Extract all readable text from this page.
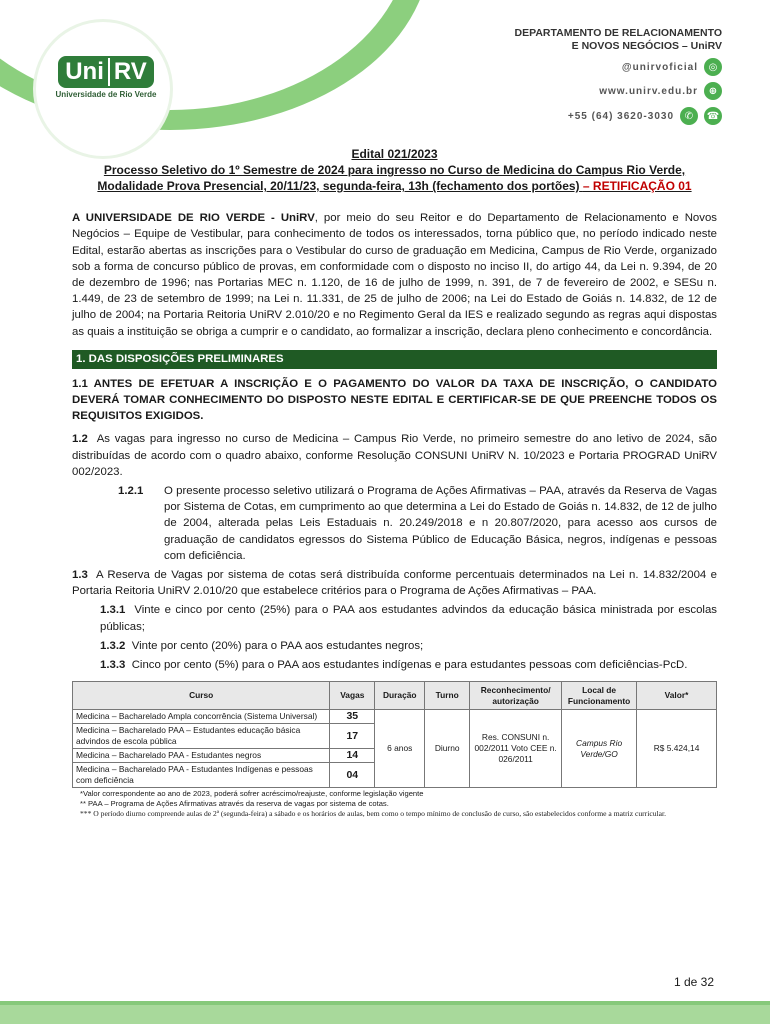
Uni RV
Universidade de Rio Verde
DEPARTAMENTO DE RELACIONAMENTO
E NOVOS NEGÓCIOS – UniRV
@unirvoficial	◎
www.unirv.edu.br	⊕
+55 (64) 3620-3030	✆	☎
Edital 021/2023
Processo Seletivo do 1º Semestre de 2024 para ingresso no Curso de Medicina do Campus Rio Verde,
Modalidade Prova Presencial, 20/11/23, segunda-feira, 13h (fechamento dos portões) – RETIFICAÇÃO 01

A UNIVERSIDADE DE RIO VERDE - UniRV, por meio do seu Reitor e do Departamento de Relacionamento e Novos Negócios – Equipe de Vestibular, para conhecimento de todos os interessados, torna público que, no período indicado neste Edital, estarão abertas as inscrições para o Vestibular do curso de graduação em Medicina, Campus de Rio Verde, organizado sob a forma de concurso público de provas, em conformidade com o disposto no inciso II, do artigo 44, da Lei n. 9.394, de 20 de dezembro de 1996; nas Portarias MEC n. 1.120, de 16 de julho de 1999, n. 391, de 7 de fevereiro de 2002, e SESu n. 1.449, de 23 de setembro de 1999; na Lei n. 11.331, de 25 de julho de 2006; na Lei do Estado de Goiás n. 14.832, de 12 de julho de 2004; na Portaria Reitoria UniRV 2.010/20 e no Regimento Geral da IES e realizado segundo as regras aqui dispostas as quais a instituição se obriga a cumprir e o candidato, ao formalizar a inscrição, declara pleno conhecimento e concordância.

1. DAS DISPOSIÇÕES PRELIMINARES

1.1 ANTES DE EFETUAR A INSCRIÇÃO E O PAGAMENTO DO VALOR DA TAXA DE INSCRIÇÃO, O CANDIDATO DEVERÁ TOMAR CONHECIMENTO DO DISPOSTO NESTE EDITAL E CERTIFICAR-SE DE QUE PREENCHE TODOS OS REQUISITOS EXIGIDOS.

1.2 As vagas para ingresso no curso de Medicina – Campus Rio Verde, no primeiro semestre do ano letivo de 2024, são distribuídas de acordo com o quadro abaixo, conforme Resolução CONSUNI UniRV N. 10/2023 e Portaria PROGRAD UniRV 002/2023.

1.2.1 O presente processo seletivo utilizará o Programa de Ações Afirmativas – PAA, através da Reserva de Vagas por Sistema de Cotas, em cumprimento ao que determina a Lei do Estado de Goiás n. 14.832, de 12 de julho de 2004, alterada pelas Leis Estaduais n. 20.249/2018 e n 20.807/2020, para acesso aos cursos de graduação de candidatos egressos do Sistema Público de Educação Básica, negros, indígenas e pessoas com deficiência.

1.3 A Reserva de Vagas por sistema de cotas será distribuída conforme percentuais determinados na Lei n. 14.832/2004 e Portaria Reitoria UniRV 2.010/20 que estabelece critérios para o Programa de Ações Afirmativas – PAA.

1.3.1 Vinte e cinco por cento (25%) para o PAA aos estudantes advindos da educação básica ministrada por escolas públicas;

1.3.2 Vinte por cento (20%) para o PAA aos estudantes negros;

1.3.3 Cinco por cento (5%) para o PAA aos estudantes indígenas e para estudantes pessoas com deficiências-PcD.

Curso	Vagas	Duração	Turno	Reconhecimento/ autorização	Local de Funcionamento	Valor*
Medicina – Bacharelado Ampla concorrência (Sistema Universal)	35	6 anos	Diurno	Res. CONSUNI n. 002/2011 Voto CEE n. 026/2011	Campus Rio Verde/GO	R$ 5.424,14
Medicina – Bacharelado PAA – Estudantes educação básica advindos de escola pública	17					
Medicina – Bacharelado PAA - Estudantes negros	14					
Medicina – Bacharelado PAA - Estudantes Indígenas e pessoas com deficiência	04					
*Valor correspondente ao ano de 2023, poderá sofrer acréscimo/reajuste, conforme legislação vigente
** PAA – Programa de Ações Afirmativas através da reserva de vagas por sistema de cotas.
*** O período diurno compreende aulas de 2ª (segunda-feira) a sábado e os horários de aulas, bem como o tempo mínimo de conclusão de curso, são estabelecidos conforme a matriz curricular.
1 de 32
